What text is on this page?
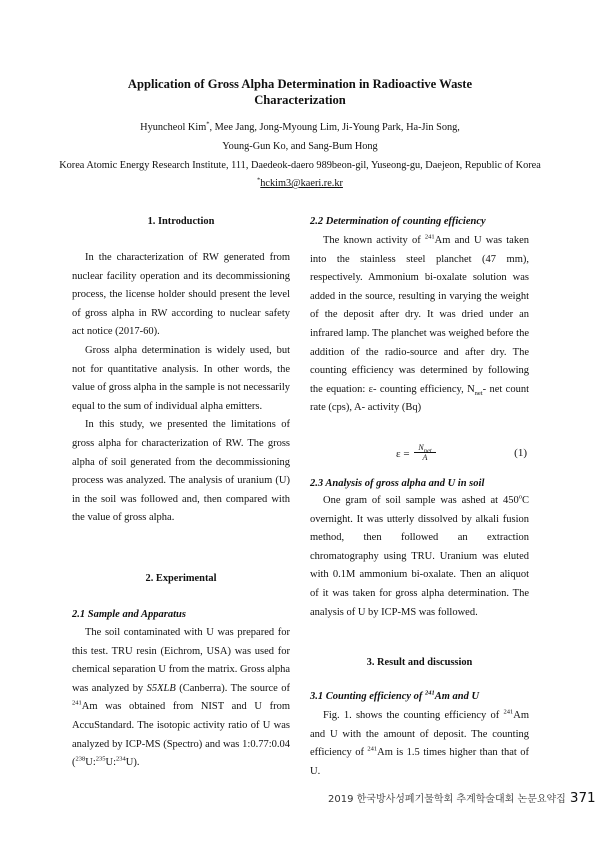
Application of Gross Alpha Determination in Radioactive Waste
Characterization
Hyuncheol Kim*, Mee Jang, Jong-Myoung Lim, Ji-Young Park, Ha-Jin Song,
Young-Gun Ko, and Sang-Bum Hong
Korea Atomic Energy Research Institute, 111, Daedeok-daero 989beon-gil, Yuseong-gu, Daejeon, Republic of Korea
*hckim3@kaeri.re.kr
1. Introduction

In the characterization of RW generated from nuclear facility operation and its decommissioning process, the license holder should present the level of gross alpha in RW according to nuclear safety act notice (2017-60).

Gross alpha determination is widely used, but not for quantitative analysis. In other words, the value of gross alpha in the sample is not necessarily equal to the sum of individual alpha emitters.

In this study, we presented the limitations of gross alpha for characterization of RW. The gross alpha of soil generated from the decommissioning process was analyzed. The analysis of uranium (U) in the soil was followed and, then compared with the value of gross alpha.

2. Experimental
2.1 Sample and Apparatus

The soil contaminated with U was prepared for this test. TRU resin (Eichrom, USA) was used for chemical separation U from the matrix. Gross alpha was analyzed by S5XLB (Canberra). The source of $^{241}$Am was obtained from NIST and U from AccuStandard. The isotopic activity ratio of U was analyzed by ICP-MS (Spectro) and was 1:0.77:0.04 ($^{238}$U:$^{235}$U:$^{234}$U).

2.2 Determination of counting efficiency

The known activity of $^{241}$Am and U was taken into the stainless steel planchet (47 mm), respectively. Ammonium bi-oxalate solution was added in the source, resulting in varying the weight of the deposit after dry. It was dried under an infrared lamp. The planchet was weighed before the addition of the radio-source and after dry. The counting efficiency was determined by following the equation: ε- counting efficiency, $N_{net}-$ net count rate (cps), A- activity (Bq)

ε =
$N_{net}$
A	(1)
2.3 Analysis of gross alpha and U in soil

One gram of soil sample was ashed at 450$^o$C overnight. It was utterly dissolved by alkali fusion method, then followed an extraction chromatography using TRU. Uranium was eluted with 0.1M ammonium bi-oxalate. Then an aliquot of it was taken for gross alpha determination. The analysis of U by ICP-MS was followed.

3. Result and discussion
3.1 Counting efficiency of $^{241}$Am and U

Fig. 1. shows the counting efficiency of $^{241}$Am and U with the amount of deposit. The counting efficiency of $^{241}$Am is 1.5 times higher than that of U.

2019 한국방사성폐기물학회 추계학술대회 논문요약집 371
